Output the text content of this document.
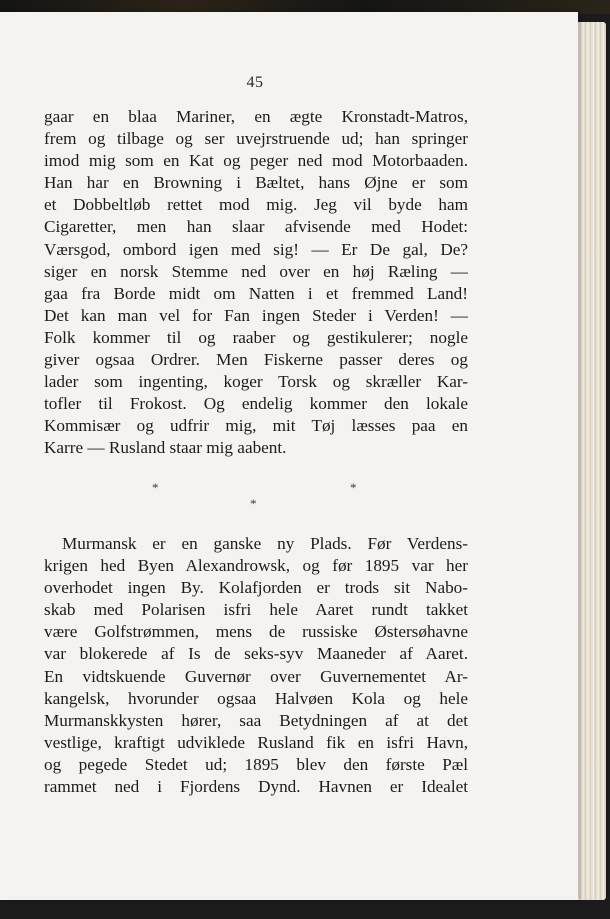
45
gaar en blaa Mariner, en ægte Kronstadt-Matros,
frem og tilbage og ser uvejrstruende ud; han springer
imod mig som en Kat og peger ned mod Motorbaaden.
Han har en Browning i Bæltet, hans Øjne er som
et Dobbeltløb rettet mod mig. Jeg vil byde ham
Cigaretter, men han slaar afvisende med Hodet:
Værsgod, ombord igen med sig! — Er De gal, De?
siger en norsk Stemme ned over en høj Ræling —
gaa fra Borde midt om Natten i et fremmed Land!
Det kan man vel for Fan ingen Steder i Verden! —
Folk kommer til og raaber og gestikulerer; nogle
giver ogsaa Ordrer. Men Fiskerne passer deres og
lader som ingenting, koger Torsk og skræller Kar-
tofler til Frokost. Og endelig kommer den lokale
Kommisær og udfrir mig, mit Tøj læsses paa en
Karre — Rusland staar mig aabent.
*	*
*
Murmansk er en ganske ny Plads. Før Verdens-
krigen hed Byen Alexandrowsk, og før 1895 var her
overhodet ingen By. Kolafjorden er trods sit Nabo-
skab med Polarisen isfri hele Aaret rundt takket
være Golfstrømmen, mens de russiske Østersøhavne
var blokerede af Is de seks-syv Maaneder af Aaret.
En vidtskuende Guvernør over Guvernementet Ar-
kangelsk, hvorunder ogsaa Halvøen Kola og hele
Murmanskkysten hører, saa Betydningen af at det
vestlige, kraftigt udviklede Rusland fik en isfri Havn,
og pegede Stedet ud; 1895 blev den første Pæl
rammet ned i Fjordens Dynd. Havnen er Idealet
